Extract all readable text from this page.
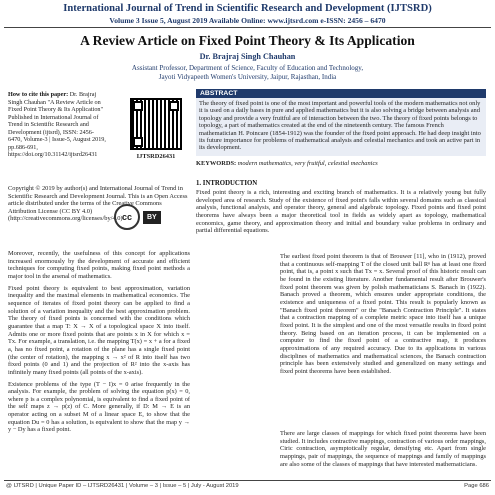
International Journal of Trend in Scientific Research and Development (IJTSRD)
Volume 3 Issue 5, August 2019 Available Online: www.ijtsrd.com e-ISSN: 2456 – 6470
A Review Article on Fixed Point Theory & Its Application
Dr. Brajraj Singh Chauhan
Assistant Professor, Department of Science, Faculty of Education and Technology,
Jayoti Vidyapeeth Women's University, Jaipur, Rajasthan, India
How to cite this paper: Dr. Brajraj Singh Chauhan "A Review Article on Fixed Point Theory & Its Application" Published in International Journal of Trend in Scientific Research and Development (ijtsrd), ISSN: 2456-6470, Volume-3 | Issue-5, August 2019, pp.686-691, https://doi.org/10.31142/ijtsrd26431	IJTSRD26431
Copyright © 2019 by author(s) and International Journal of Trend in Scientific Research and Development Journal. This is an Open Access article distributed under the terms of the Creative Commons Attribution License (CC BY 4.0) (http://creativecommons.org/licenses/by/4.0) cc	BY
ABSTRACT
The theory of fixed point is one of the most important and powerful tools of the modern mathematics not only it is used on a daily bases in pure and applied mathematics but it is also solving a bridge between analysis and topology and provide a very fruitful are of interaction between the two. The theory of fixed points belongs to topology, a part of mathematics created at the end of the nineteenth century. The famous French mathematician H. Poincare (1854-1912) was the founder of the fixed point approach. He had deep insight into its future importance for problems of mathematical analysis and celestial mechanics and took an active part in its development.
KEYWORDS: modern mathematics, very fruitful, celestial mechanics
1. INTRODUCTION

Moreover, recently, the usefulness of this concept for applications increased enormously by the development of accurate and efficient techniques for computing fixed points, making fixed point methods a major tool in the arsenal of mathematics.

Fixed point theory is equivalent to best approximation, variation inequality and the maximal elements in mathematical economics. The sequence of iterates of fixed point theory can be applied to find a solution of a variation inequality and the best approximation problem. The theory of fixed points is concerned with the conditions which guarantee that a map T: X → X of a topological space X into itself. Admits one or more fixed points that are points x in X for which x = Tx. For example, a translation, i.e. the mapping T(x) = x + a for a fixed a, has no fixed point, a rotation of the plane has a single fixed point (the center of rotation), the mapping x → x² of R into itself has two fixed points (0 and 1) and the projection of R² into the x-axis has infinitely many fixed points (all points of the x-axis).

Existence problems of the type (T − I)x = 0 arise frequently in the analysis. For example, the problem of solving the equation p(x) = 0, where p is a complex polynomial, is equivalent to find a fixed point of the self maps z → p(z) of C. More generally, if D: M → E is an operator acting on a subset M of a linear space E, to show that the equation Du = 0 has a solution, is equivalent to show that the map y → y − Dy has a fixed point.

Fixed point theory is a rich, interesting and exciting branch of mathematics. It is a relatively young but fully developed area of research. Study of the existence of fixed point's falls within several domains such as classical analysis, functional analysis, and operator theory, general and algebraic topology. Fixed points and fixed point theorems have always been a major theoretical tool in fields as widely apart as topology, mathematical economics, game theory, and approximation theory and initial and boundary value problems in ordinary and partial differential equations.
The earliest fixed point theorem is that of Brouwer [11], who in (1912), proved that a continuous self-mapping T of the closed unit ball Rⁿ has at least one fixed point, that is, a point x such that Tx = x. Several proof of this historic result can be found in the existing literature. Another fundamental result after Brouwer's fixed point theorem was given by polish mathematicians S. Banach in (1922). Banach proved a theorem, which ensures under appropriate conditions, the existence and uniqueness of a fixed point. This result is popularly known as "Banach fixed point theorem" or the "Banach Contraction Principle". It states that a contraction mapping of a complete metric space into itself has a unique fixed point. It is the simplest and one of the most versatile results in fixed point theory. Being based on an iteration process, it can be implemented on a computer to find the fixed point of a contractive map, it produces approximations of any required accuracy. Due to its applications in various disciplines of mathematics and mathematical sciences, the Banach contraction principle has been extensively studied and generalized on many settings and fixed point theorems have been established.
There are large classes of mappings for which fixed point theorems have been studied. It includes contractive mappings, contraction of various order mappings, Ciric contraction, asymptotically regular, densifying etc. Apart from single mappings, pair of mappings, the sequence of mappings and family of mappings are also some of the classes of mappings that have interested mathematicians.
@ IJTSRD | Unique Paper ID – IJTSRD26431 | Volume – 3 | Issue – 5 | July - August 2019	Page 686
